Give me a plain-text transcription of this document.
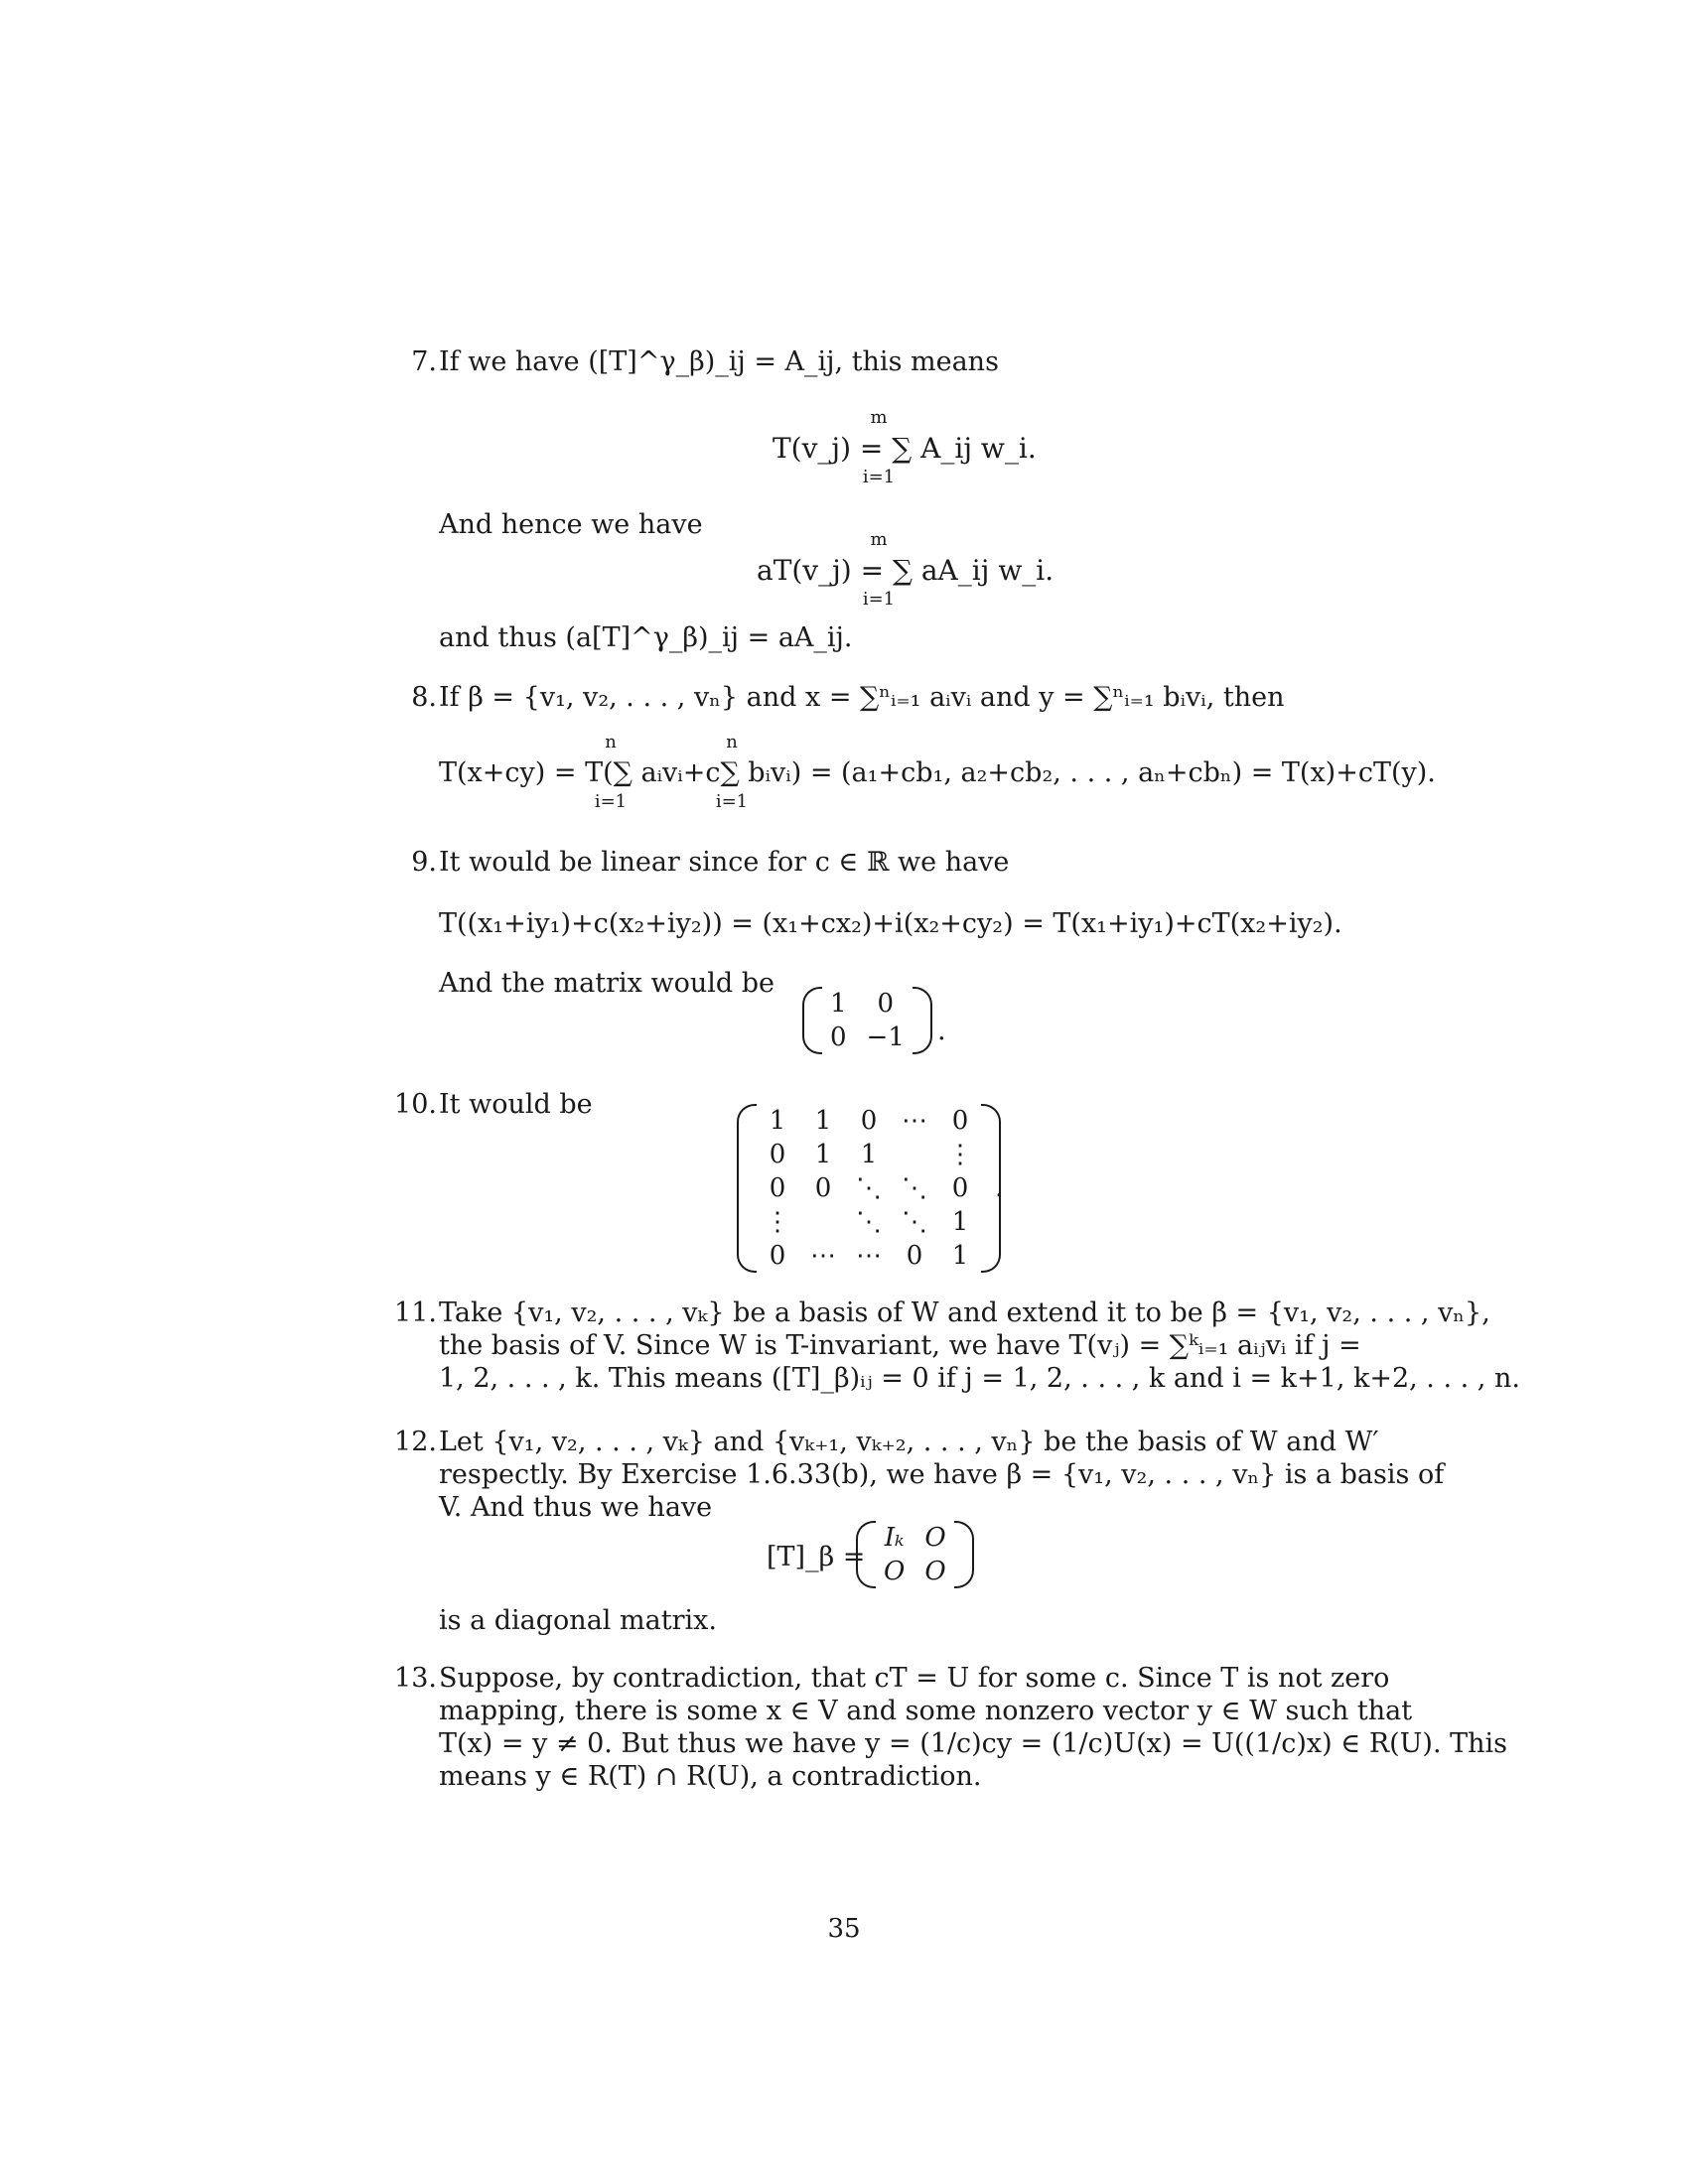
7. If we have ([T]^γ_β)_ij = A_ij, this means
T(v_j) = ∑ A_ij w_i.
m
i=1
And hence we have
aT(v_j) = ∑ aA_ij w_i.
m
i=1
and thus (a[T]^γ_β)_ij = aA_ij.
8. If β = {v₁, v₂, . . . , vₙ} and x = ∑ⁿᵢ₌₁ aᵢvᵢ and y = ∑ⁿᵢ₌₁ bᵢvᵢ, then
T(x+cy) = T(∑ aᵢvᵢ+c∑ bᵢvᵢ) = (a₁+cb₁, a₂+cb₂, . . . , aₙ+cbₙ) = T(x)+cT(y).
n
i=1
n
i=1
9. It would be linear since for c ∈ ℝ we have
T((x₁+iy₁)+c(x₂+iy₂)) = (x₁+cx₂)+i(x₂+cy₂) = T(x₁+iy₁)+cT(x₂+iy₂).
And the matrix would be
1	0
0	−1 .
10. It would be
1	1	0	⋯	0
0	1	1		⋮
0	0	⋱	⋱	0
⋮		⋱	⋱	1
0	⋯	⋯	0	1
.
11. Take {v₁, v₂, . . . , vₖ} be a basis of W and extend it to be β = {v₁, v₂, . . . , vₙ},
the basis of V. Since W is T-invariant, we have T(vⱼ) = ∑ᵏᵢ₌₁ aᵢⱼvᵢ if j =
1, 2, . . . , k. This means ([T]_β)ᵢⱼ = 0 if j = 1, 2, . . . , k and i = k+1, k+2, . . . , n.
12. Let {v₁, v₂, . . . , vₖ} and {vₖ₊₁, vₖ₊₂, . . . , vₙ} be the basis of W and W′
respectly. By Exercise 1.6.33(b), we have β = {v₁, v₂, . . . , vₙ} is a basis of
V. And thus we have
[T]_β =
Iₖ	O
O	O
is a diagonal matrix.
13. Suppose, by contradiction, that cT = U for some c. Since T is not zero
mapping, there is some x ∈ V and some nonzero vector y ∈ W such that
T(x) = y ≠ 0. But thus we have y = (1/c)cy = (1/c)U(x) = U((1/c)x) ∈ R(U). This
means y ∈ R(T) ∩ R(U), a contradiction.
35
